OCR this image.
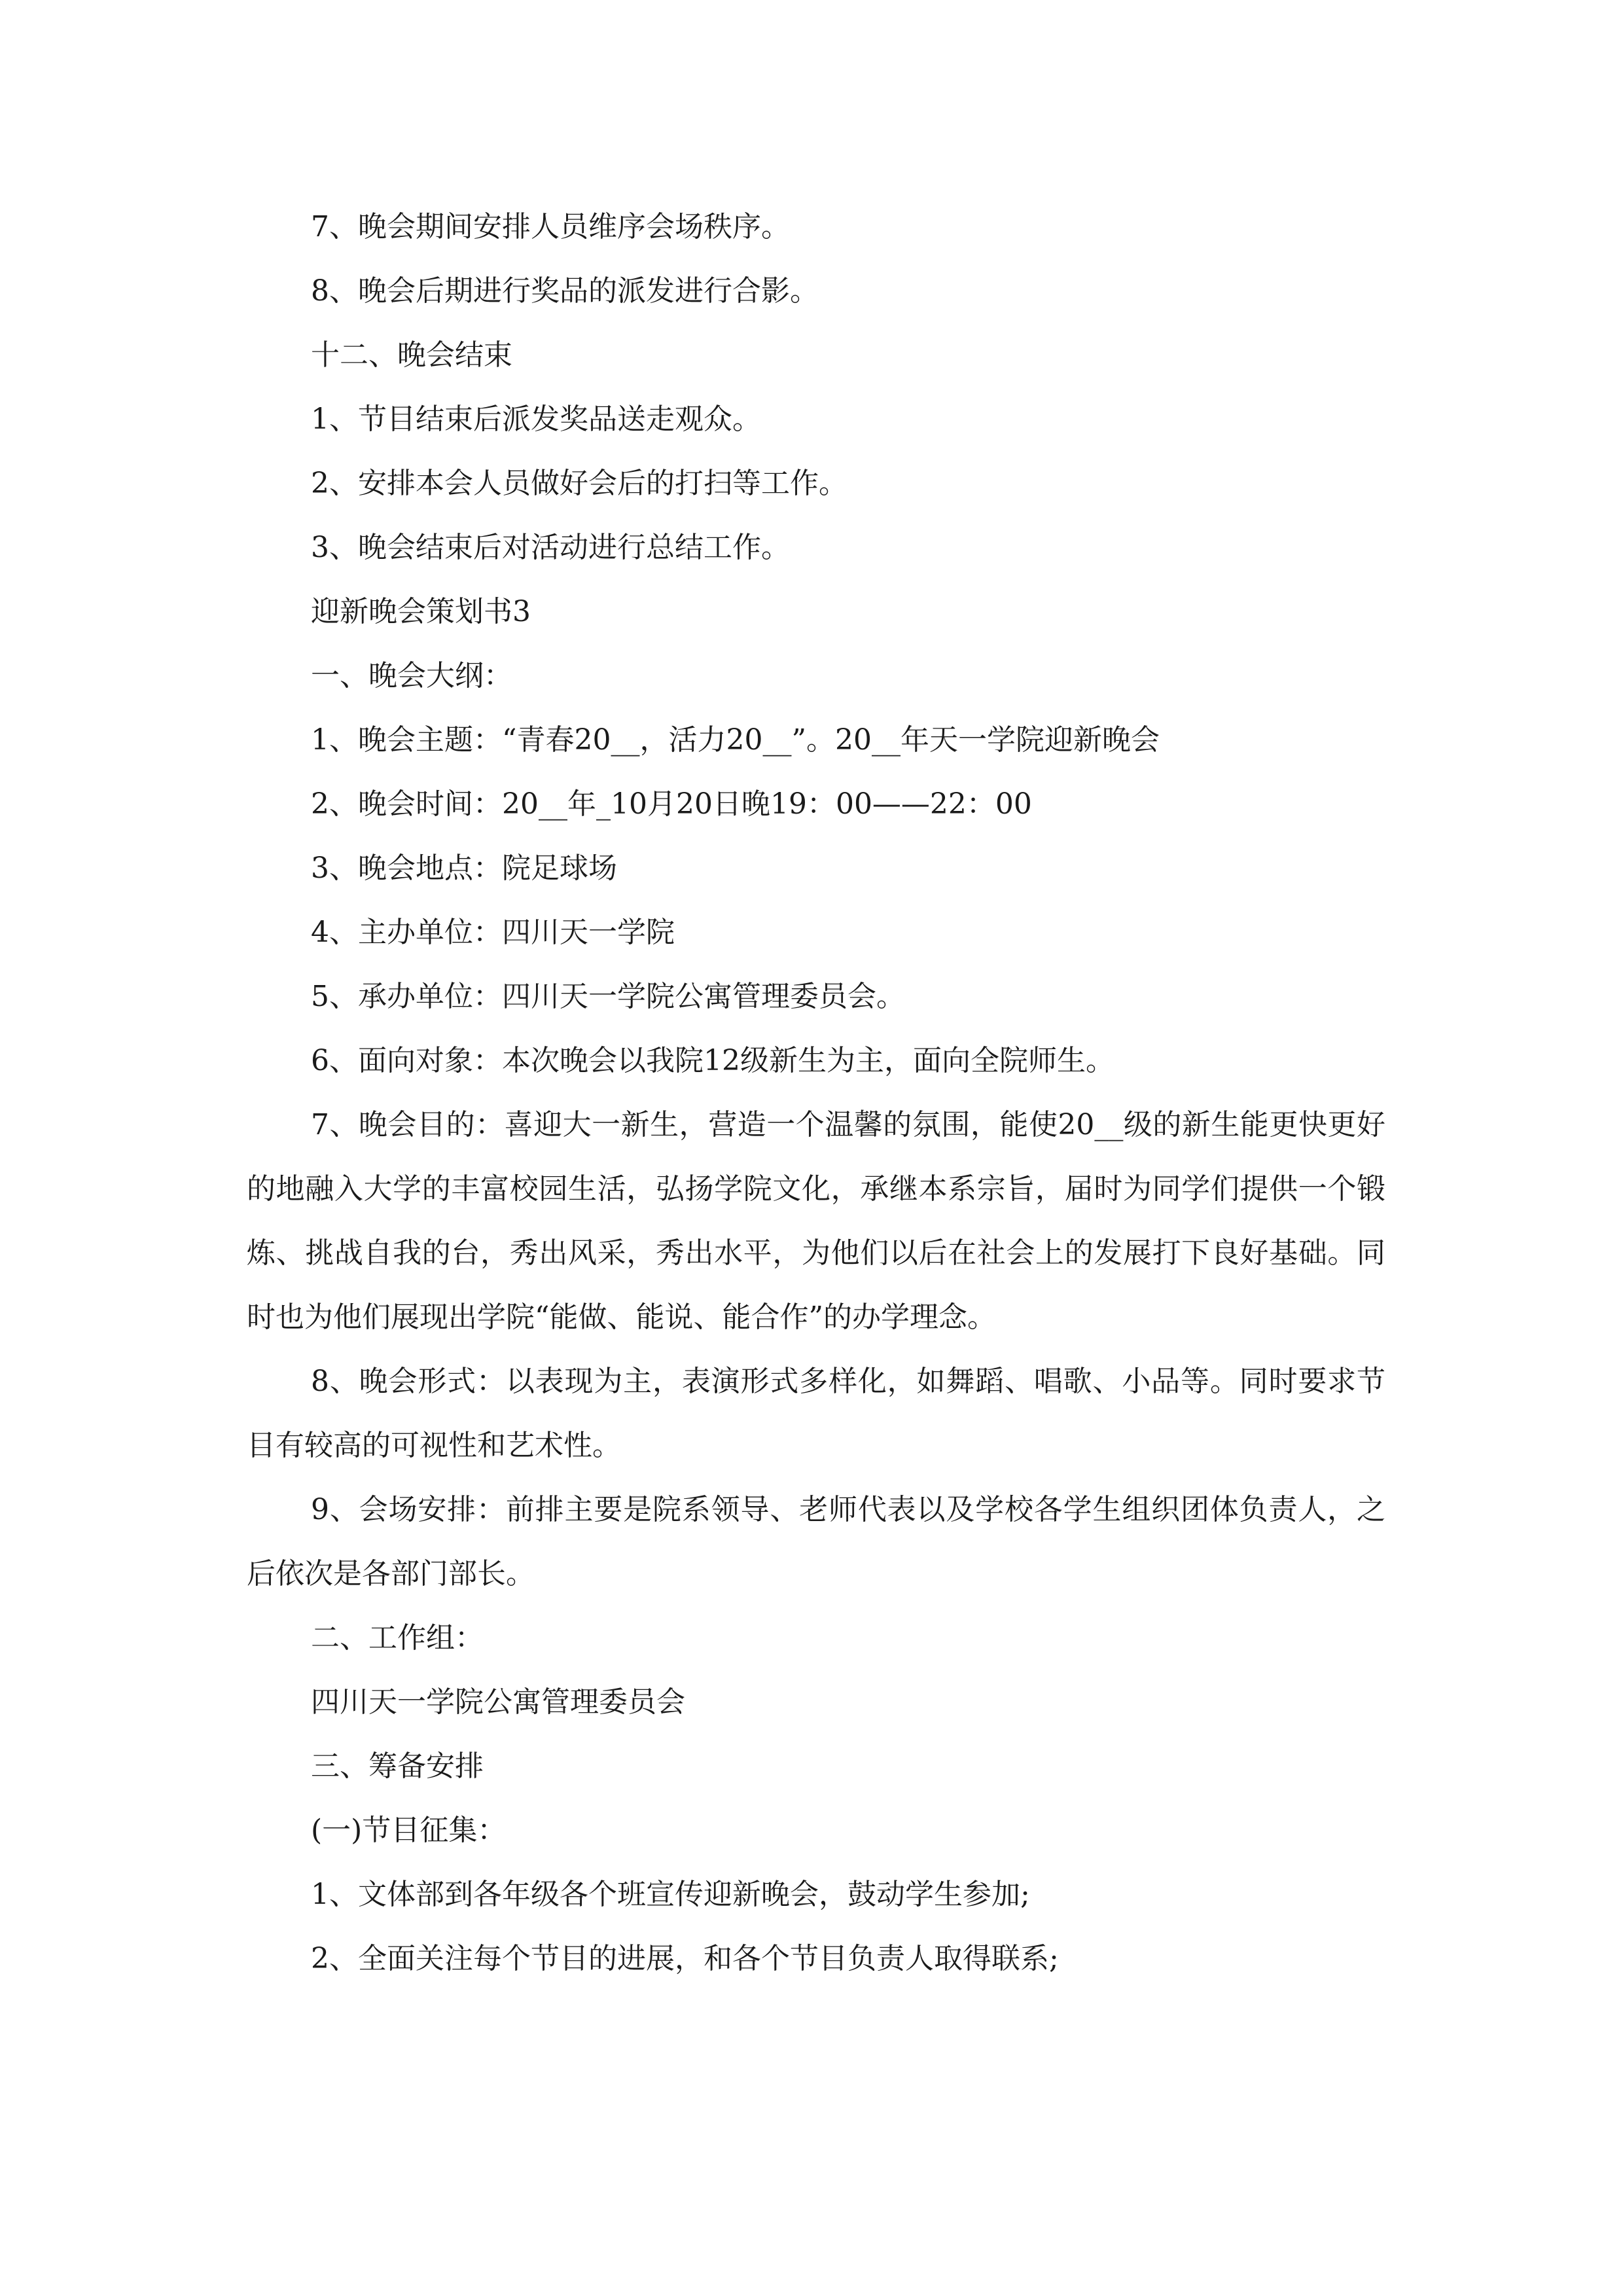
7、晚会期间安排人员维序会场秩序。

8、晚会后期进行奖品的派发进行合影。

十二、晚会结束

1、节目结束后派发奖品送走观众。

2、安排本会人员做好会后的打扫等工作。

3、晚会结束后对活动进行总结工作。

迎新晚会策划书3

一、晚会大纲：

1、晚会主题：“青春20__，活力20__”。20__年天一学院迎新晚会

2、晚会时间：20__年_10月20日晚19：00——22：00

3、晚会地点：院足球场

4、主办单位：四川天一学院

5、承办单位：四川天一学院公寓管理委员会。

6、面向对象：本次晚会以我院12级新生为主，面向全院师生。

7、晚会目的：喜迎大一新生，营造一个温馨的氛围，能使20__级的新生能更快更好的地融入大学的丰富校园生活，弘扬学院文化，承继本系宗旨，届时为同学们提供一个锻炼、挑战自我的台，秀出风采，秀出水平，为他们以后在社会上的发展打下良好基础。同时也为他们展现出学院“能做、能说、能合作”的办学理念。

8、晚会形式：以表现为主，表演形式多样化，如舞蹈、唱歌、小品等。同时要求节目有较高的可视性和艺术性。

9、会场安排：前排主要是院系领导、老师代表以及学校各学生组织团体负责人，之后依次是各部门部长。

二、工作组：

四川天一学院公寓管理委员会

三、筹备安排

(一)节目征集：

1、文体部到各年级各个班宣传迎新晚会，鼓动学生参加;

2、全面关注每个节目的进展，和各个节目负责人取得联系;
